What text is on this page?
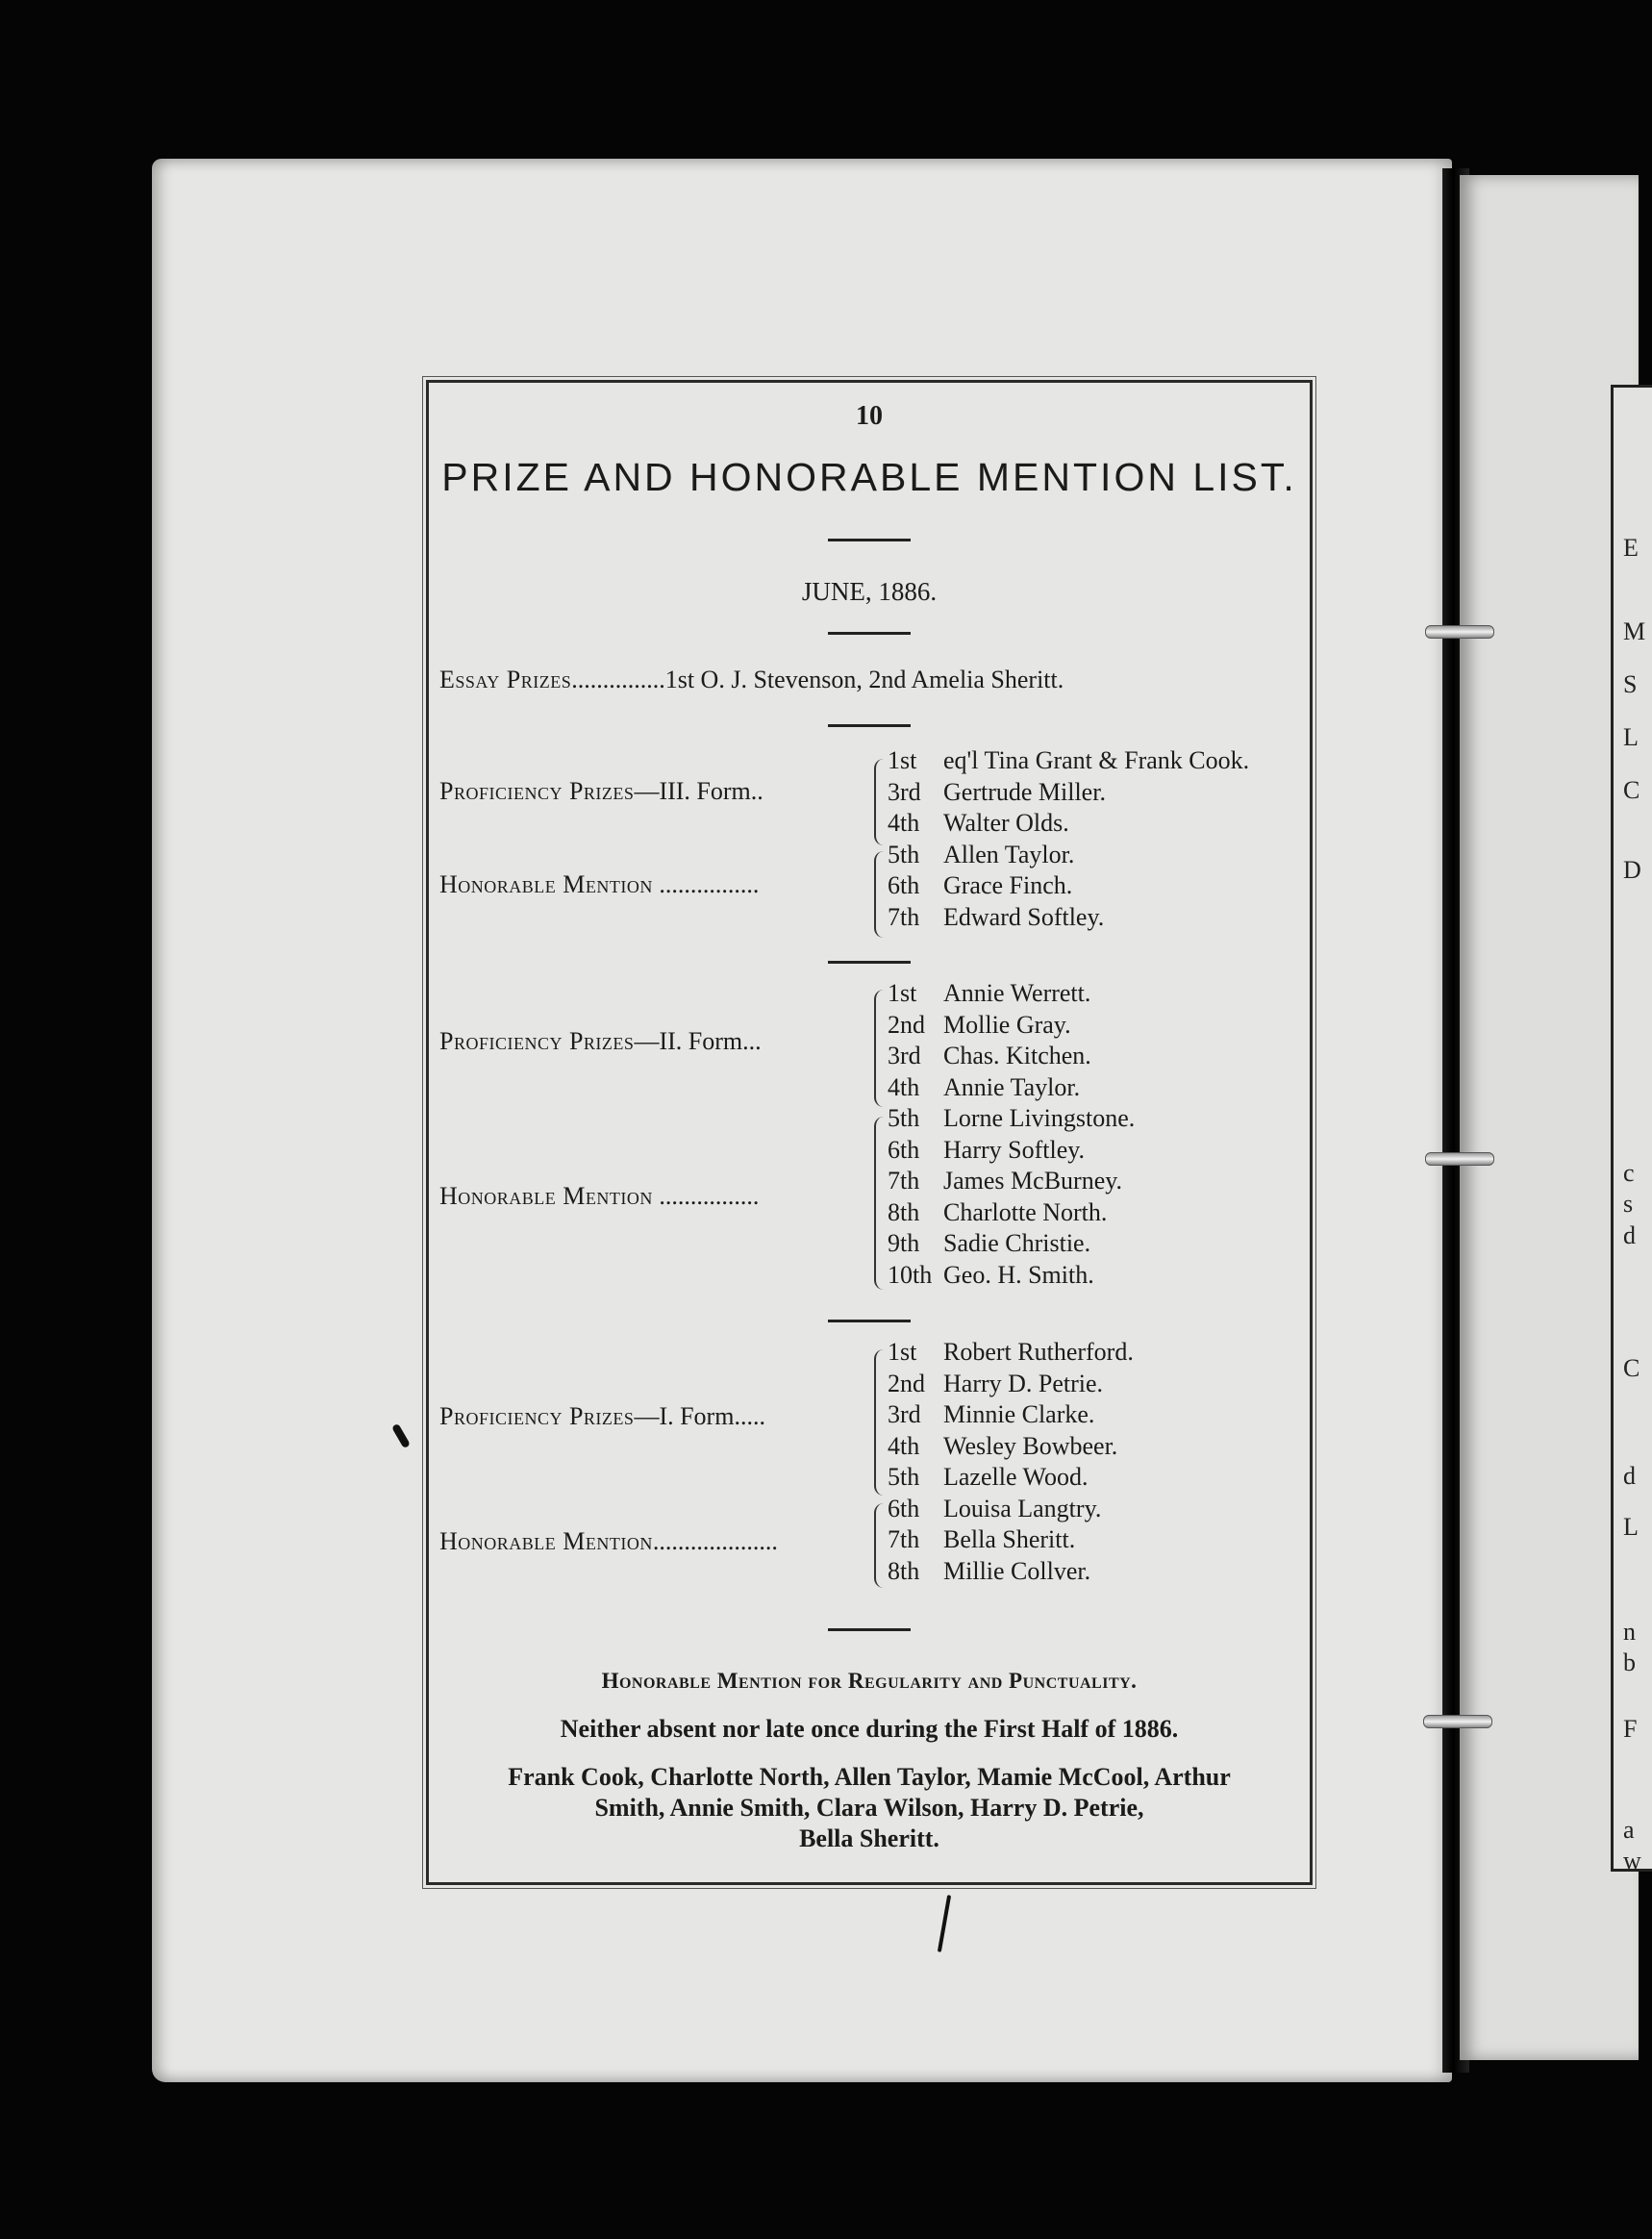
E
M
S
L
C
D
c
s
d
C
d
L
n
b
F
a
w
10
PRIZE AND HONORABLE MENTION LIST.
JUNE, 1886.
Essay Prizes...............1st O. J. Stevenson, 2nd Amelia Sheritt.
Proficiency Prizes—III. Form..
Honorable Mention ................
1st eq'l Tina Grant & Frank Cook.
3rd Gertrude Miller.
4th Walter Olds.
5th Allen Taylor.
6th Grace Finch.
7th Edward Softley.
Proficiency Prizes—II. Form...
Honorable Mention ................
1st Annie Werrett.
2nd Mollie Gray.
3rd Chas. Kitchen.
4th Annie Taylor.
5th Lorne Livingstone.
6th Harry Softley.
7th James McBurney.
8th Charlotte North.
9th Sadie Christie.
10th Geo. H. Smith.
Proficiency Prizes—I. Form.....
Honorable Mention....................
1st Robert Rutherford.
2nd Harry D. Petrie.
3rd Minnie Clarke.
4th Wesley Bowbeer.
5th Lazelle Wood.
6th Louisa Langtry.
7th Bella Sheritt.
8th Millie Collver.
Honorable Mention for Regularity and Punctuality.
Neither absent nor late once during the First Half of 1886.
Frank Cook, Charlotte North, Allen Taylor, Mamie McCool, Arthur
Smith, Annie Smith, Clara Wilson, Harry D. Petrie,
Bella Sheritt.
